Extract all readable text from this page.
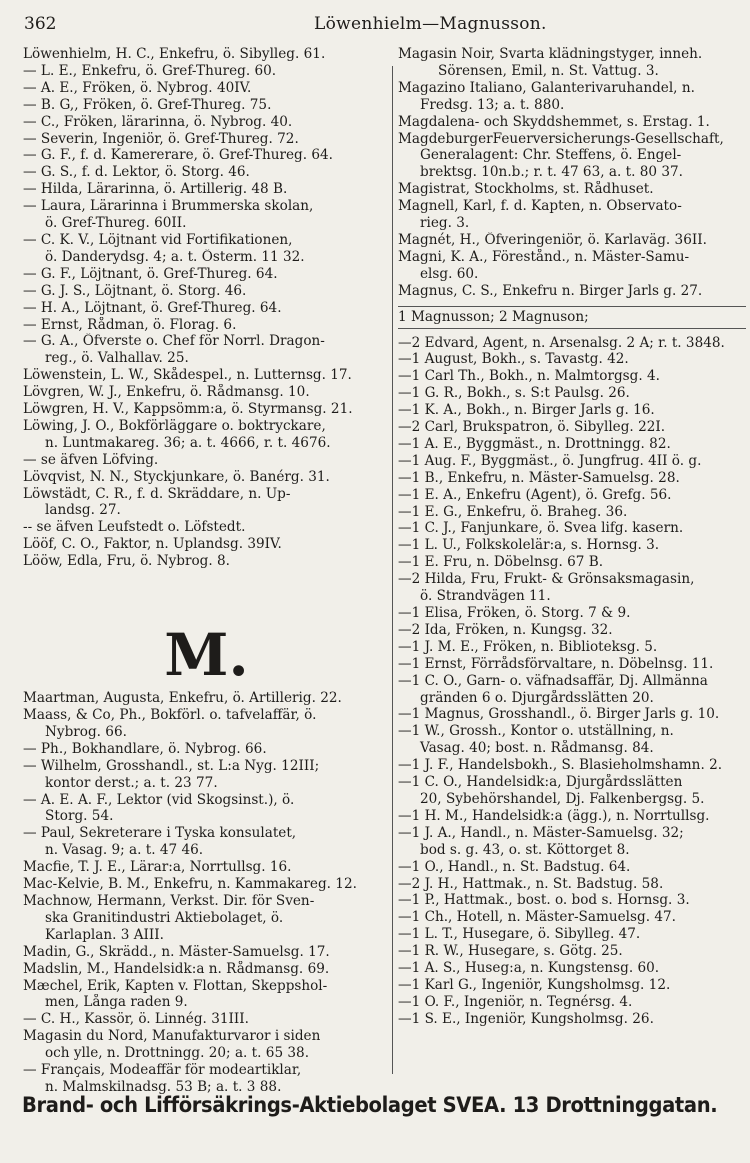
362	Löwenhielm—Magnusson.
Löwenhielm, H. C., Enkefru, ö. Sibylleg. 61.
— L. E., Enkefru, ö. Gref-Thureg. 60.
— A. E., Fröken, ö. Nybrog. 40IV.
— B. G,, Fröken, ö. Gref-Thureg. 75.
— C., Fröken, lärarinna, ö. Nybrog. 40.
— Severin, Ingeniör, ö. Gref-Thureg. 72.
— G. F., f. d. Kamererare, ö. Gref-Thureg. 64.
— G. S., f. d. Lektor, ö. Storg. 46.
— Hilda, Lärarinna, ö. Artillerig. 48 B.
— Laura, Lärarinna i Brummerska skolan,
ö. Gref-Thureg. 60II.
— C. K. V., Löjtnant vid Fortifikationen,
ö. Danderydsg. 4; a. t. Österm. 11 32.
— G. F., Löjtnant, ö. Gref-Thureg. 64.
— G. J. S., Löjtnant, ö. Storg. 46.
— H. A., Löjtnant, ö. Gref-Thureg. 64.
— Ernst, Rådman, ö. Florag. 6.
— G. A., Öfverste o. Chef för Norrl. Dragon-
reg., ö. Valhallav. 25.
Löwenstein, L. W., Skådespel., n. Lutternsg. 17.
Lövgren, W. J., Enkefru, ö. Rådmansg. 10.
Löwgren, H. V., Kappsömm:a, ö. Styrmansg. 21.
Löwing, J. O., Bokförläggare o. boktryckare,
n. Luntmakareg. 36; a. t. 4666, r. t. 4676.
— se äfven Löfving.
Lövqvist, N. N., Styckjunkare, ö. Banérg. 31.
Löwstädt, C. R., f. d. Skräddare, n. Up-
landsg. 27.
-- se äfven Leufstedt o. Löfstedt.
Lööf, C. O., Faktor, n. Uplandsg. 39IV.
Lööw, Edla, Fru, ö. Nybrog. 8.
M.
Maartman, Augusta, Enkefru, ö. Artillerig. 22.
Maass, & Co, Ph., Bokförl. o. tafvelaffär, ö.
Nybrog. 66.
— Ph., Bokhandlare, ö. Nybrog. 66.
— Wilhelm, Grosshandl., st. L:a Nyg. 12III;
kontor derst.; a. t. 23 77.
— A. E. A. F., Lektor (vid Skogsinst.), ö.
Storg. 54.
— Paul, Sekreterare i Tyska konsulatet,
n. Vasag. 9; a. t. 47 46.
Macfie, T. J. E., Lärar:a, Norrtullsg. 16.
Mac-Kelvie, B. M., Enkefru, n. Kammakareg. 12.
Machnow, Hermann, Verkst. Dir. för Sven-
ska Granitindustri Aktiebolaget, ö.
Karlaplan. 3 AIII.
Madin, G., Skrädd., n. Mäster-Samuelsg. 17.
Madslin, M., Handelsidk:a n. Rådmansg. 69.
Mæchel, Erik, Kapten v. Flottan, Skeppshol-
men, Långa raden 9.
— C. H., Kassör, ö. Linnég. 31III.
Magasin du Nord, Manufakturvaror i siden
och ylle, n. Drottningg. 20; a. t. 65 38.
— Français, Modeaffär för modeartiklar,
n. Malmskilnadsg. 53 B; a. t. 3 88.
Magasin Noir, Svarta klädningstyger, inneh.
Sörensen, Emil, n. St. Vattug. 3.
Magazino Italiano, Galanterivaruhandel, n.
Fredsg. 13; a. t. 880.
Magdalena- och Skyddshemmet, s. Erstag. 1.
MagdeburgerFeuerversicherungs-Gesellschaft,
Generalagent: Chr. Steffens, ö. Engel-
brektsg. 10n.b.; r. t. 47 63, a. t. 80 37.
Magistrat, Stockholms, st. Rådhuset.
Magnell, Karl, f. d. Kapten, n. Observato-
rieg. 3.
Magnét, H., Öfveringeniör, ö. Karlaväg. 36II.
Magni, K. A., Förestånd., n. Mäster-Samu-
elsg. 60.
Magnus, C. S., Enkefru n. Birger Jarls g. 27.
1 Magnusson; 2 Magnuson;
—2 Edvard, Agent, n. Arsenalsg. 2 A; r. t. 3848.
—1 August, Bokh., s. Tavastg. 42.
—1 Carl Th., Bokh., n. Malmtorgsg. 4.
—1 G. R., Bokh., s. S:t Paulsg. 26.
—1 K. A., Bokh., n. Birger Jarls g. 16.
—2 Carl, Brukspatron, ö. Sibylleg. 22I.
—1 A. E., Byggmäst., n. Drottningg. 82.
—1 Aug. F., Byggmäst., ö. Jungfrug. 4II ö. g.
—1 B., Enkefru, n. Mäster-Samuelsg. 28.
—1 E. A., Enkefru (Agent), ö. Grefg. 56.
—1 E. G., Enkefru, ö. Braheg. 36.
—1 C. J., Fanjunkare, ö. Svea lifg. kasern.
—1 L. U., Folkskolelär:a, s. Hornsg. 3.
—1 E. Fru, n. Döbelnsg. 67 B.
—2 Hilda, Fru, Frukt- & Grönsaksmagasin,
ö. Strandvägen 11.
—1 Elisa, Fröken, ö. Storg. 7 & 9.
—2 Ida, Fröken, n. Kungsg. 32.
—1 J. M. E., Fröken, n. Biblioteksg. 5.
—1 Ernst, Förrådsförvaltare, n. Döbelnsg. 11.
—1 C. O., Garn- o. väfnadsaffär, Dj. Allmänna
gränden 6 o. Djurgårdsslätten 20.
—1 Magnus, Grosshandl., ö. Birger Jarls g. 10.
—1 W., Grossh., Kontor o. utställning, n.
Vasag. 40; bost. n. Rådmansg. 84.
—1 J. F., Handelsbokh., S. Blasieholmshamn. 2.
—1 C. O., Handelsidk:a, Djurgårdsslätten
20, Sybehörshandel, Dj. Falkenbergsg. 5.
—1 H. M., Handelsidk:a (ägg.), n. Norrtullsg.
—1 J. A., Handl., n. Mäster-Samuelsg. 32;
bod s. g. 43, o. st. Köttorget 8.
—1 O., Handl., n. St. Badstug. 64.
—2 J. H., Hattmak., n. St. Badstug. 58.
—1 P., Hattmak., bost. o. bod s. Hornsg. 3.
—1 Ch., Hotell, n. Mäster-Samuelsg. 47.
—1 L. T., Husegare, ö. Sibylleg. 47.
—1 R. W., Husegare, s. Götg. 25.
—1 A. S., Huseg:a, n. Kungstensg. 60.
—1 Karl G., Ingeniör, Kungsholmsg. 12.
—1 O. F., Ingeniör, n. Tegnérsg. 4.
—1 S. E., Ingeniör, Kungsholmsg. 26.
Brand- och Lifförsäkrings-Aktiebolaget SVEA. 13 Drottninggatan.
